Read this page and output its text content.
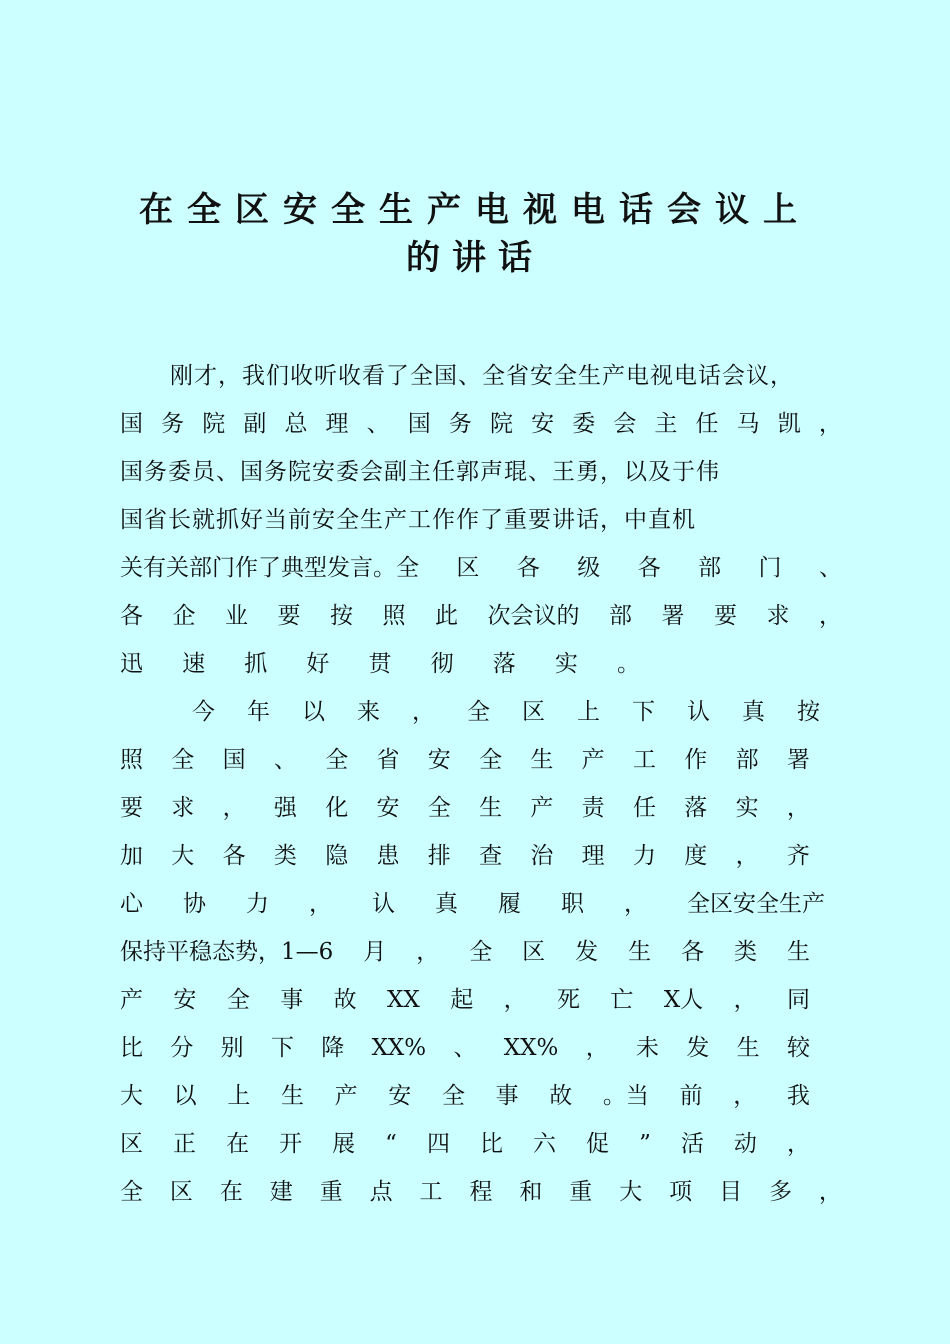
在全区安全生产电视电话会议上
的讲话
刚才，我们收听收看了全国、全省安全生产电视电话会议，
国 务 院 副 总 理 、 国 务 院 安 委 会 主 任 马 凯 ，
国务委员、国务院安委会副主任郭声琨、王勇，以及于伟
国省长就抓好当前安全生产工作作了重要讲话，中直机
关有关部门作了典型发言。全 区 各 级 各 部 门 、
各 企 业 要 按 照 此 次会议的 部 署 要 求 ，
迅 速 抓 好 贯 彻 落 实 。
今 年 以 来 ， 全 区 上 下 认 真 按
照 全 国 、 全 省 安 全 生 产 工 作 部 署
要 求 ， 强 化 安 全 生 产 责 任 落 实 ，
加 大 各 类 隐 患 排 查 治 理 力 度 ， 齐
心 协 力 ， 认 真 履 职 ， 全区安全生产
保持平稳态势，1—6 月 ， 全 区 发 生 各 类 生
产 安 全 事 故 XX 起 ， 死 亡 X人 ， 同
比 分 别 下 降 XX% 、 XX% ， 未 发 生 较
大 以 上 生 产 安 全 事 故 。当 前 ， 我
区 正 在 开 展 “ 四 比 六 促 ” 活 动 ，
全 区 在 建 重 点 工 程 和 重 大 项 目 多 ，
